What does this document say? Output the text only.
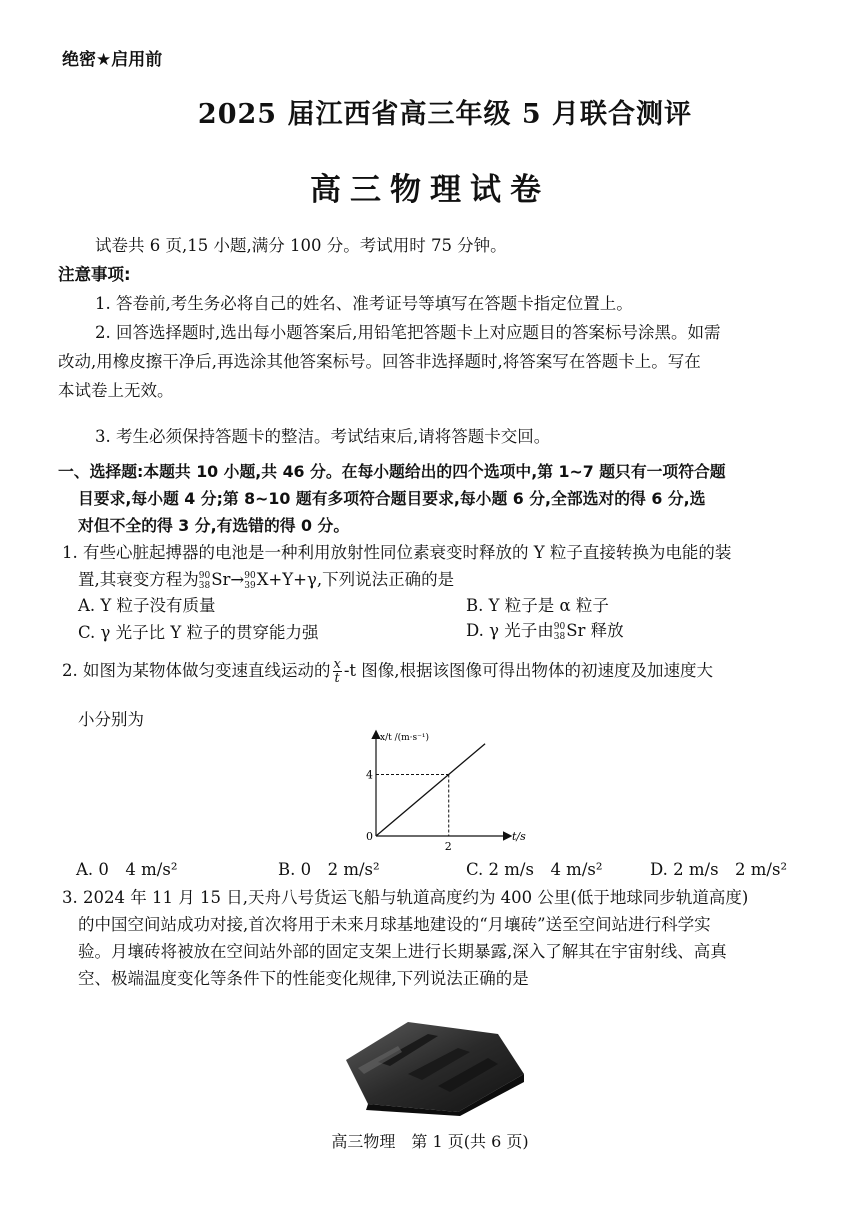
绝密★启用前
2025 届江西省高三年级 5 月联合测评
高三物理试卷
试卷共 6 页,15 小题,满分 100 分。考试用时 75 分钟。
注意事项:
1. 答卷前,考生务必将自己的姓名、准考证号等填写在答题卡指定位置上。
2. 回答选择题时,选出每小题答案后,用铅笔把答题卡上对应题目的答案标号涂黑。如需
改动,用橡皮擦干净后,再选涂其他答案标号。回答非选择题时,将答案写在答题卡上。写在
本试卷上无效。
3. 考生必须保持答题卡的整洁。考试结束后,请将答题卡交回。
一、选择题:本题共 10 小题,共 46 分。在每小题给出的四个选项中,第 1~7 题只有一项符合题
目要求,每小题 4 分;第 8~10 题有多项符合题目要求,每小题 6 分,全部选对的得 6 分,选
对但不全的得 3 分,有选错的得 0 分。
1. 有些心脏起搏器的电池是一种利用放射性同位素衰变时释放的 Y 粒子直接转换为电能的装
置,其衰变方程为 90
38 Sr→ 90
39 X+Y+γ,下列说法正确的是
A. Y 粒子没有质量	B. Y 粒子是 α 粒子
C. γ 光子比 Y 粒子的贯穿能力强	D. γ 光子由 90
38 Sr 释放
2. 如图为某物体做匀变速直线运动的 $\frac{x}{t} -t$ 图像,根据该图像可得出物体的初速度及加速度大
小分别为
0
2
4
t/s
x/t /(m·s⁻¹)
A. 0　4 m/s²	B. 0　2 m/s²	C. 2 m/s　4 m/s²	D. 2 m/s　2 m/s²
3. 2024 年 11 月 15 日,天舟八号货运飞船与轨道高度约为 400 公里(低于地球同步轨道高度)
的中国空间站成功对接,首次将用于未来月球基地建设的“月壤砖”送至空间站进行科学实
验。月壤砖将被放在空间站外部的固定支架上进行长期暴露,深入了解其在宇宙射线、高真
空、极端温度变化等条件下的性能变化规律,下列说法正确的是
高三物理　第 1 页(共 6 页)
